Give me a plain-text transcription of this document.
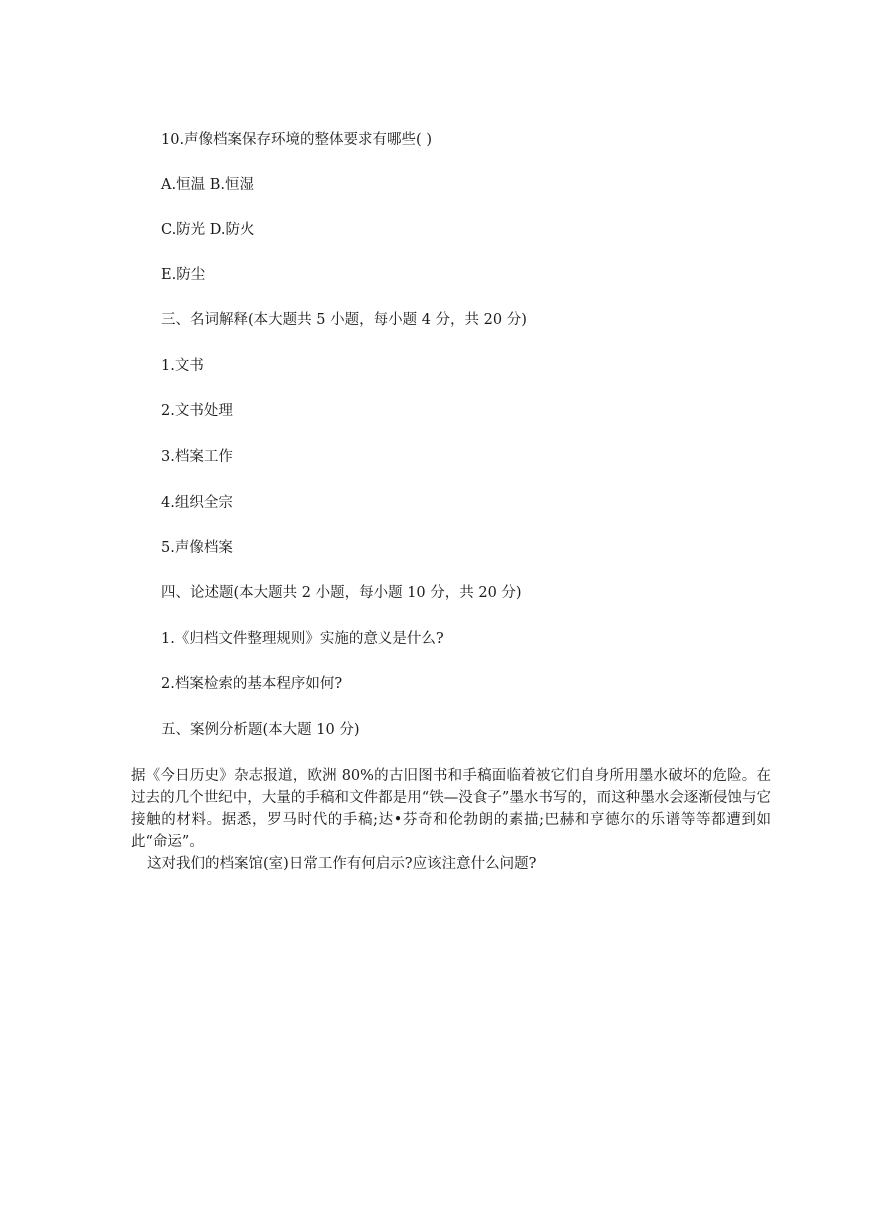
10.声像档案保存环境的整体要求有哪些( )
A.恒温 B.恒湿
C.防光 D.防火
E.防尘
三、名词解释(本大题共 5 小题，每小题 4 分，共 20 分)
1.文书
2.文书处理
3.档案工作
4.组织全宗
5.声像档案
四、论述题(本大题共 2 小题，每小题 10 分，共 20 分)
1.《归档文件整理规则》实施的意义是什么?
2.档案检索的基本程序如何?
五、案例分析题(本大题 10 分)

据《今日历史》杂志报道，欧洲 80%的古旧图书和手稿面临着被它们自身所用墨水破坏的危险。在过去的几个世纪中，大量的手稿和文件都是用“铁—没食子”墨水书写的，而这种墨水会逐渐侵蚀与它接触的材料。据悉，罗马时代的手稿;达•芬奇和伦勃朗的素描;巴赫和亨德尔的乐谱等等都遭到如此“命运”。

这对我们的档案馆(室)日常工作有何启示?应该注意什么问题?
